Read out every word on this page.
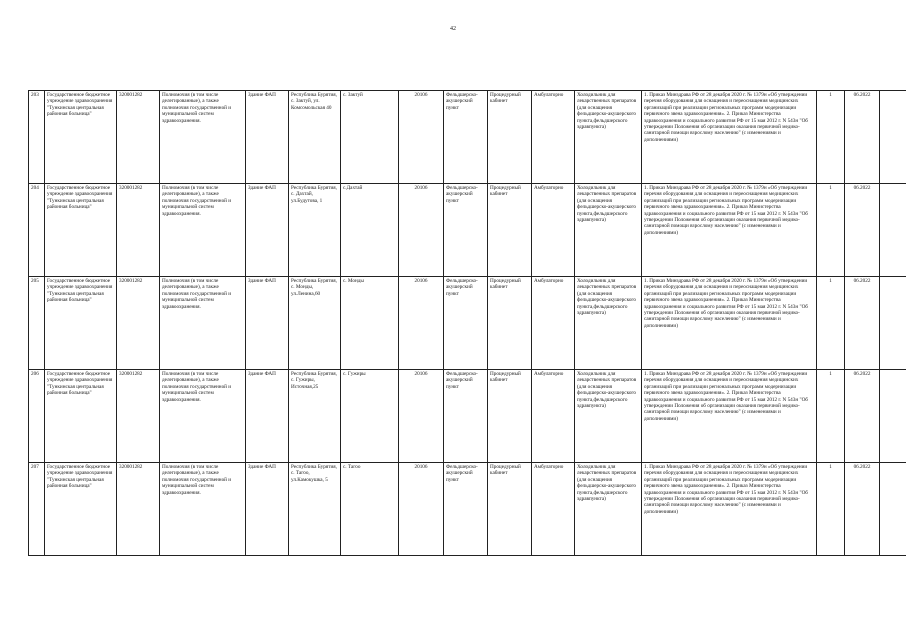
42
203	Государственное бюджетное учреждение здравоохранения "Тункинская центральная районная больница"	320001282	Полномочия (в том числе делегированные), а также полномочия государственной и муниципальной систем здравоохранения.	Здание ФАП	Республика Бурятия, с. Зактуй, ул. Комсомольская 40	с. Зактуй	20106	Фельдшерско-акушерский пункт	Процедурный кабинет	Амбулаторно	Холодильник для лекарственных препаратов (для оснащения фельдшерско-акушерского пункта,фельдшерского здравпункта)	1. Приказ Минздрава РФ от 28 декабря 2020 г. № 1379н «Об утверждении перечня оборудования для оснащения и переоснащения медицинских организаций при реализации региональных программ модернизации первичного звена здравоохранения». 2. Приказ Министерства здравоохранения и социального развития РФ от 15 мая 2012 г. N 543н "Об утверждении Положения об организации оказания первичной медико-санитарной помощи взрослому населению" (с изменениями и дополнениями)	1	06.2022	
204	Государственное бюджетное учреждение здравоохранения "Тункинская центральная районная больница"	320001282	Полномочия (в том числе делегированные), а также полномочия государственной и муниципальной систем здравоохранения.	Здание ФАП	Республика Бурятия, с. Дахтай, ул.Будутова, 1	с.Дахтай	20106	Фельдшерско-акушерский пункт	Процедурный кабинет	Амбулаторно	Холодильник для лекарственных препаратов (для оснащения фельдшерско-акушерского пункта,фельдшерского здравпункта)	1. Приказ Минздрава РФ от 28 декабря 2020 г. № 1379н «Об утверждении перечня оборудования для оснащения и переоснащения медицинских организаций при реализации региональных программ модернизации первичного звена здравоохранения». 2. Приказ Министерства здравоохранения и социального развития РФ от 15 мая 2012 г. N 543н "Об утверждении Положения об организации оказания первичной медико-санитарной помощи взрослому населению" (с изменениями и дополнениями)	1	06.2022	
205	Государственное бюджетное учреждение здравоохранения "Тункинская центральная районная больница"	320001282	Полномочия (в том числе делегированные), а также полномочия государственной и муниципальной систем здравоохранения.	Здание ФАП	Республика Бурятия, с. Монды, ул.Ленина,60	с. Монды	20106	Фельдшерско-акушерский пункт	Процедурный кабинет	Амбулаторно	Холодильник для лекарственных препаратов (для оснащения фельдшерско-акушерского пункта,фельдшерского здравпункта)	1. Приказ Минздрава РФ от 28 декабря 2020 г. № 1379н «Об утверждении перечня оборудования для оснащения и переоснащения медицинских организаций при реализации региональных программ модернизации первичного звена здравоохранения». 2. Приказ Министерства здравоохранения и социального развития РФ от 15 мая 2012 г. N 543н "Об утверждении Положения об организации оказания первичной медико-санитарной помощи взрослому населению" (с изменениями и дополнениями)	1	06.2022	
206	Государственное бюджетное учреждение здравоохранения "Тункинская центральная районная больница"	320001282	Полномочия (в том числе делегированные), а также полномочия государственной и муниципальной систем здравоохранения.	Здание ФАП	Республика Бурятия, с. Гужиры, Источная,25	с. Гужиры	20106	Фельдшерско-акушерский пункт	Процедурный кабинет	Амбулаторно	Холодильник для лекарственных препаратов (для оснащения фельдшерско-акушерского пункта,фельдшерского здравпункта)	1. Приказ Минздрава РФ от 28 декабря 2020 г. № 1379н «Об утверждении перечня оборудования для оснащения и переоснащения медицинских организаций при реализации региональных программ модернизации первичного звена здравоохранения». 2. Приказ Министерства здравоохранения и социального развития РФ от 15 мая 2012 г. N 543н "Об утверждении Положения об организации оказания первичной медико-санитарной помощи взрослому населению" (с изменениями и дополнениями)	1	06.2022	
207	Государственное бюджетное учреждение здравоохранения "Тункинская центральная районная больница"	320001282	Полномочия (в том числе делегированные), а также полномочия государственной и муниципальной систем здравоохранения.	Здание ФАП	Республика Бурятия, с. Тагоо, ул.Камокушка, 5	с. Тагоо	20106	Фельдшерско-акушерский пункт	Процедурный кабинет	Амбулаторно	Холодильник для лекарственных препаратов (для оснащения фельдшерско-акушерского пункта,фельдшерского здравпункта)	1. Приказ Минздрава РФ от 28 декабря 2020 г. № 1379н «Об утверждении перечня оборудования для оснащения и переоснащения медицинских организаций при реализации региональных программ модернизации первичного звена здравоохранения». 2. Приказ Министерства здравоохранения и социального развития РФ от 15 мая 2012 г. N 543н "Об утверждении Положения об организации оказания первичной медико-санитарной помощи взрослому населению" (с изменениями и дополнениями)	1	06.2022	
